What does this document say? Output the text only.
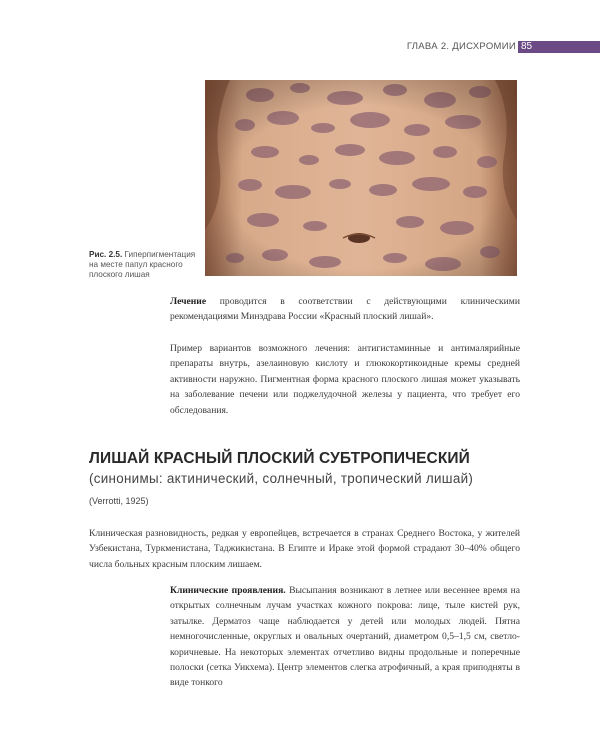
ГЛАВА 2. ДИСХРОМИИ 85
Рис. 2.5. Гиперпигментация на месте папул красного плоского лишая
Лечение проводится в соответствии с действующими клиническими рекомендациями Минздрава России «Красный плоский лишай».
Пример вариантов возможного лечения: антигистаминные и антималярийные препараты внутрь, азелаиновую кислоту и глюкокортикоидные кремы средней активности наружно. Пигментная форма красного плоского лишая может указывать на заболевание печени или поджелудочной железы у пациента, что требует его обследования.
ЛИШАЙ КРАСНЫЙ ПЛОСКИЙ СУБТРОПИЧЕСКИЙ
(синонимы: актинический, солнечный, тропический лишай)
(Verrotti, 1925)
Клиническая разновидность, редкая у европейцев, встречается в странах Среднего Востока, у жителей Узбекистана, Туркменистана, Таджикистана. В Египте и Ираке этой формой страдают 30–40% общего числа больных красным плоским лишаем.
Клинические проявления. Высыпания возникают в летнее или весеннее время на открытых солнечным лучам участках кожного покрова: лице, тыле кистей рук, затылке. Дерматоз чаще наблюдается у детей или молодых людей. Пятна немногочисленные, округлых и овальных очертаний, диаметром 0,5–1,5 см, светло-коричневые. На некоторых элементах отчетливо видны продольные и поперечные полоски (сетка Уикхема). Центр элементов слегка атрофичный, а края приподняты в виде тонкого
